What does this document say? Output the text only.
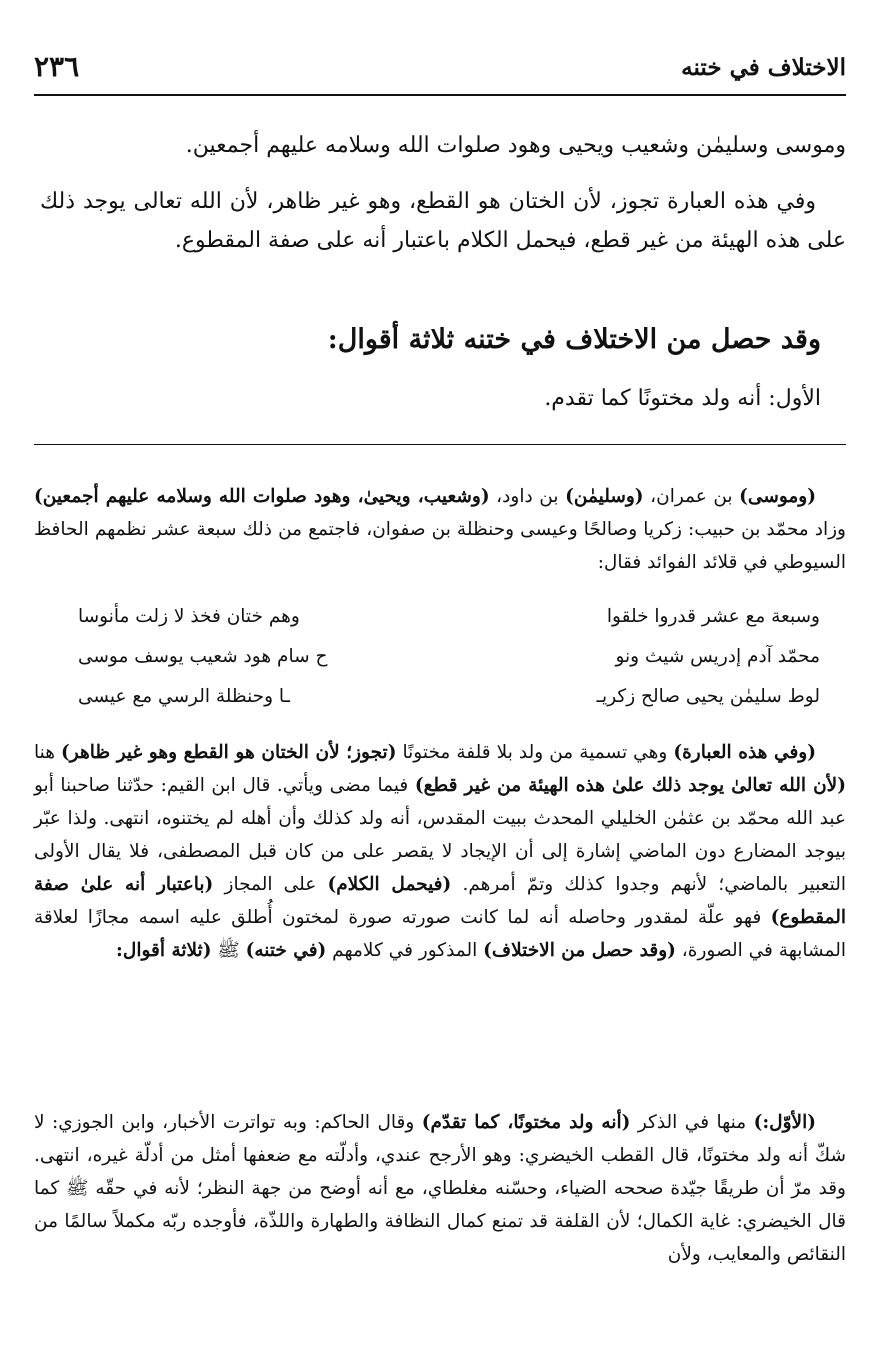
الاختلاف في ختنه
٢٣٦

وموسى وسليمٰن وشعيب ويحيى وهود صلوات الله وسلامه عليهم أجمعين.

وفي هذه العبارة تجوز، لأن الختان هو القطع، وهو غير ظاهر، لأن الله تعالى يوجد ذلك على هذه الهيئة من غير قطع، فيحمل الكلام باعتبار أنه على صفة المقطوع.

وقد حصل من الاختلاف في ختنه ثلاثة أقوال:
الأول: أنه ولد مختونًا كما تقدم.

(وموسى) بن عمران، (وسليمٰن) بن داود، (وشعيب، ويحيىٰ، وهود صلوات الله وسلامه عليهم أجمعين) وزاد محمّد بن حبيب: زكريا وصالحًا وعيسى وحنظلة بن صفوان، فاجتمع من ذلك سبعة عشر نظمهم الحافظ السيوطي في قلائد الفوائد فقال:

وسبعة مع عشر قدروا خلقوا
وهم ختان فخذ لا زلت مأنوسا
محمّد آدم إدريس شيث ونو
ح سام هود شعيب يوسف موسى
لوط سليمٰن يحيى صالح زكريـ
ـا وحنظلة الرسي مع عيسى

(وفي هذه العبارة) وهي تسمية من ولد بلا قلفة مختونًا (تجوز؛ لأن الختان هو القطع وهو غير ظاهر) هنا (لأن الله تعالىٰ يوجد ذلك علىٰ هذه الهيئة من غير قطع) فيما مضى ويأتي. قال ابن القيم: حدّثنا صاحبنا أبو عبد الله محمّد بن عثمٰن الخليلي المحدث ببيت المقدس، أنه ولد كذلك وأن أهله لم يختنوه، انتهى. ولذا عبّر بيوجد المضارع دون الماضي إشارة إلى أن الإيجاد لا يقصر على من كان قبل المصطفى، فلا يقال الأولى التعبير بالماضي؛ لأنهم وجدوا كذلك وتمّ أمرهم. (فيحمل الكلام) على المجاز (باعتبار أنه علىٰ صفة المقطوع) فهو علّة لمقدور وحاصله أنه لما كانت صورته صورة لمختون أُطلق عليه اسمه مجازًا لعلاقة المشابهة في الصورة، (وقد حصل من الاختلاف) المذكور في كلامهم (في ختنه) ﷺ (ثلاثة أقوال:

(الأوّل:) منها في الذكر (أنه ولد مختونًا، كما تقدّم) وقال الحاكم: وبه تواترت الأخبار، وابن الجوزي: لا شكّ أنه ولد مختونًا، قال القطب الخيضري: وهو الأرجح عندي، وأدلّته مع ضعفها أمثل من أدلّة غيره، انتهى. وقد مرّ أن طريقًا جيّدة صححه الضياء، وحسّنه مغلطاي، مع أنه أوضح من جهة النظر؛ لأنه في حقّه ﷺ كما قال الخيضري: غاية الكمال؛ لأن القلفة قد تمنع كمال النظافة والطهارة واللذّة، فأوجده ربّه مكملاً سالمًا من النقائص والمعايب، ولأن
